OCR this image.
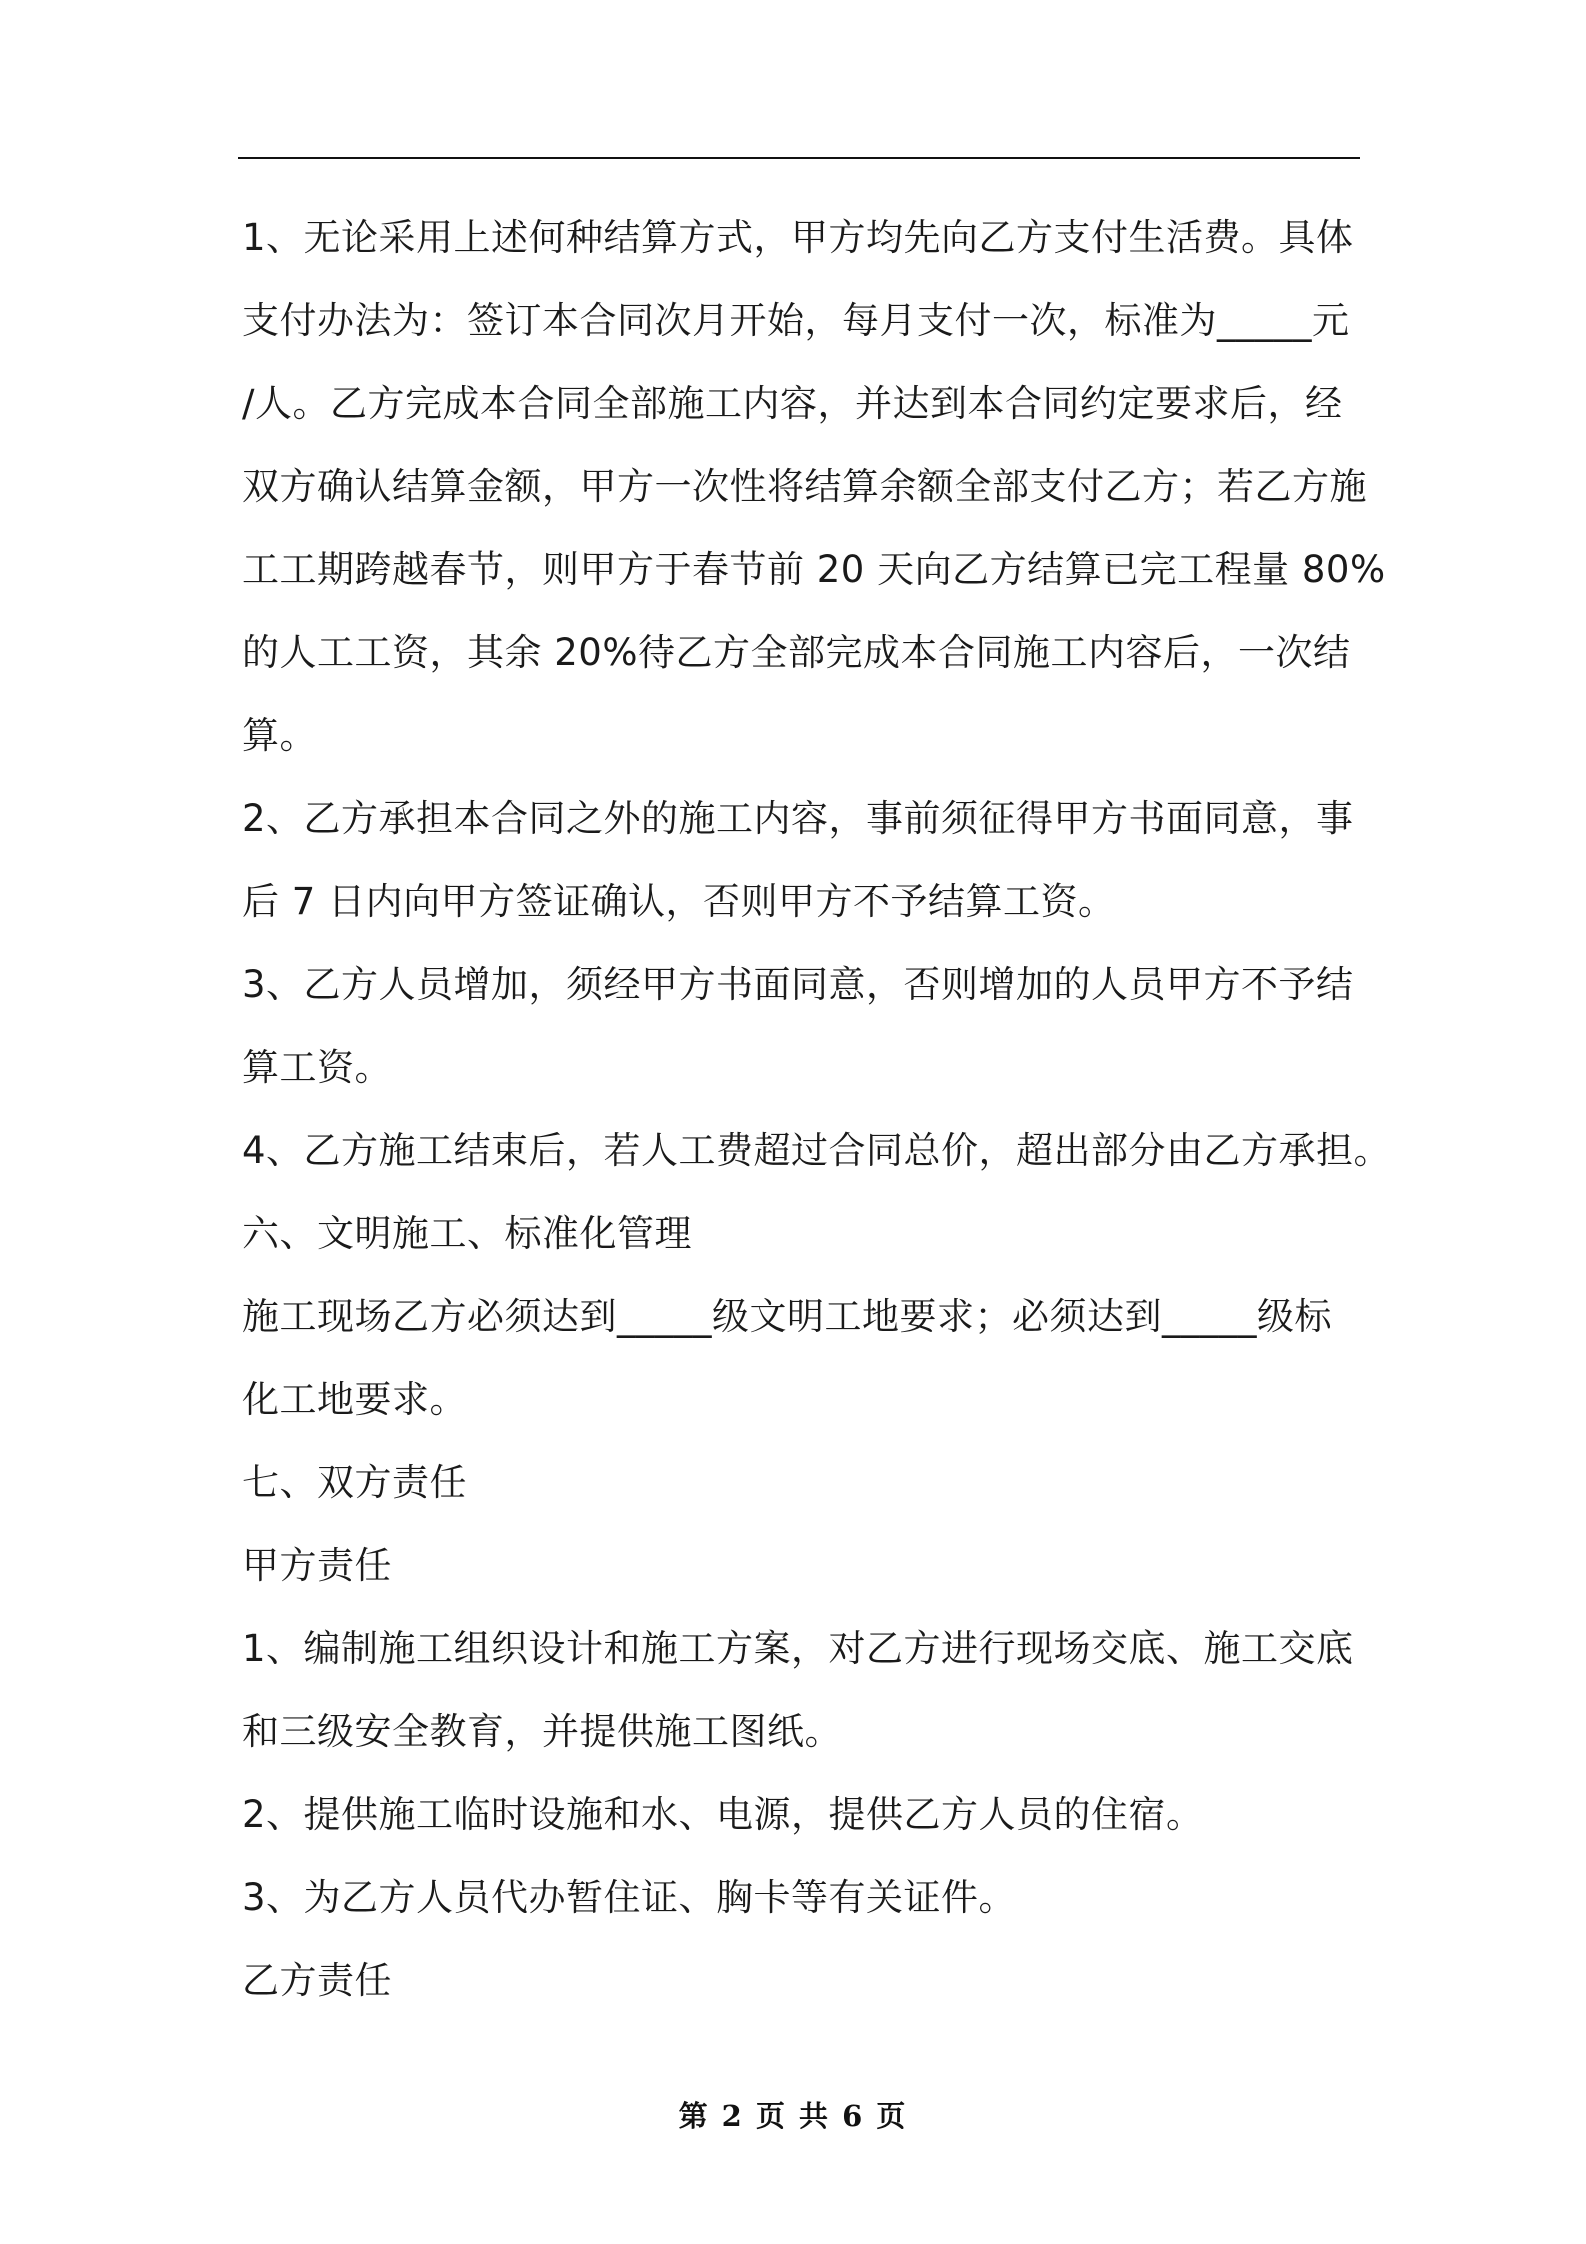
1、无论采用上述何种结算方式，甲方均先向乙方支付生活费。具体
支付办法为：签订本合同次月开始，每月支付一次，标准为_____元
/人。乙方完成本合同全部施工内容，并达到本合同约定要求后，经
双方确认结算金额，甲方一次性将结算余额全部支付乙方；若乙方施
工工期跨越春节，则甲方于春节前 20 天向乙方结算已完工程量 80%
的人工工资，其余 20%待乙方全部完成本合同施工内容后，一次结
算。
2、乙方承担本合同之外的施工内容，事前须征得甲方书面同意，事
后 7 日内向甲方签证确认，否则甲方不予结算工资。
3、乙方人员增加，须经甲方书面同意，否则增加的人员甲方不予结
算工资。
4、乙方施工结束后，若人工费超过合同总价，超出部分由乙方承担。
六、文明施工、标准化管理
施工现场乙方必须达到_____级文明工地要求；必须达到_____级标
化工地要求。
七、双方责任
甲方责任
1、编制施工组织设计和施工方案，对乙方进行现场交底、施工交底
和三级安全教育，并提供施工图纸。
2、提供施工临时设施和水、电源，提供乙方人员的住宿。
3、为乙方人员代办暂住证、胸卡等有关证件。
乙方责任
第 2 页 共 6 页
